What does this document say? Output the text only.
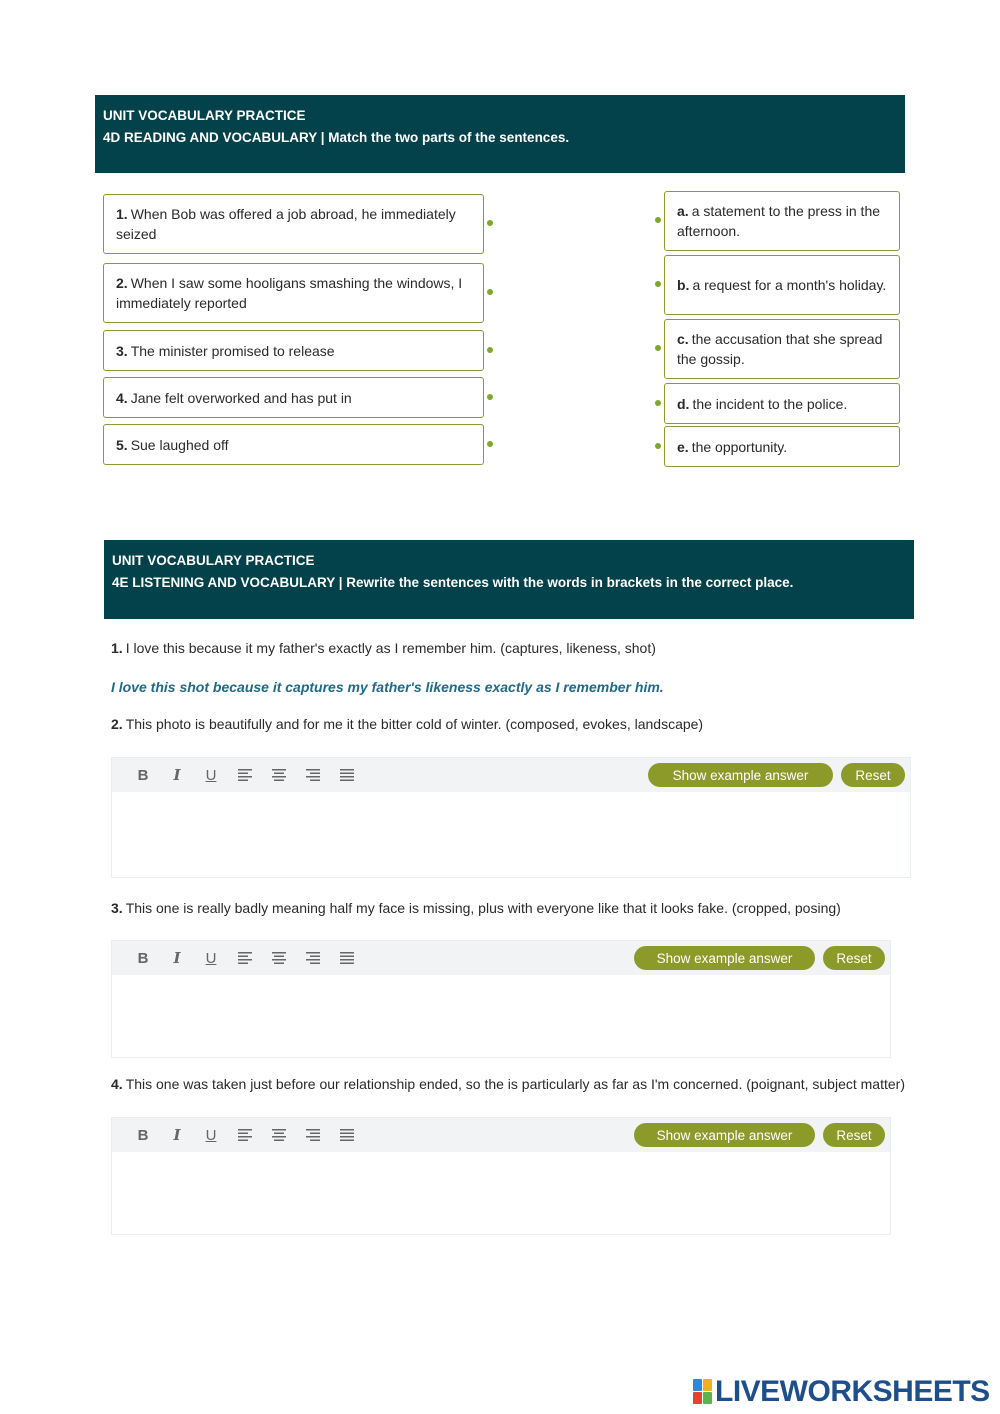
UNIT VOCABULARY PRACTICE
4D READING AND VOCABULARY | Match the two parts of the sentences.
1. When Bob was offered a job abroad, he immediately seized
2. When I saw some hooligans smashing the windows, I immediately reported
3. The minister promised to release
4. Jane felt overworked and has put in
5. Sue laughed off
a. a statement to the press in the afternoon.
b. a request for a month's holiday.
c. the accusation that she spread the gossip.
d. the incident to the police.
e. the opportunity.
UNIT VOCABULARY PRACTICE
4E LISTENING AND VOCABULARY | Rewrite the sentences with the words in brackets in the correct place.
1. I love this because it my father's exactly as I remember him. (captures, likeness, shot)
I love this shot because it captures my father's likeness exactly as I remember him.
2. This photo is beautifully and for me it the bitter cold of winter. (composed, evokes, landscape)
B I U	Show example answer	Reset
3. This one is really badly meaning half my face is missing, plus with everyone like that it looks fake. (cropped, posing)
B I U	Show example answer	Reset
4. This one was taken just before our relationship ended, so the is particularly as far as I'm concerned. (poignant, subject matter)
B I U	Show example answer	Reset
LIVEWORKSHEETS
